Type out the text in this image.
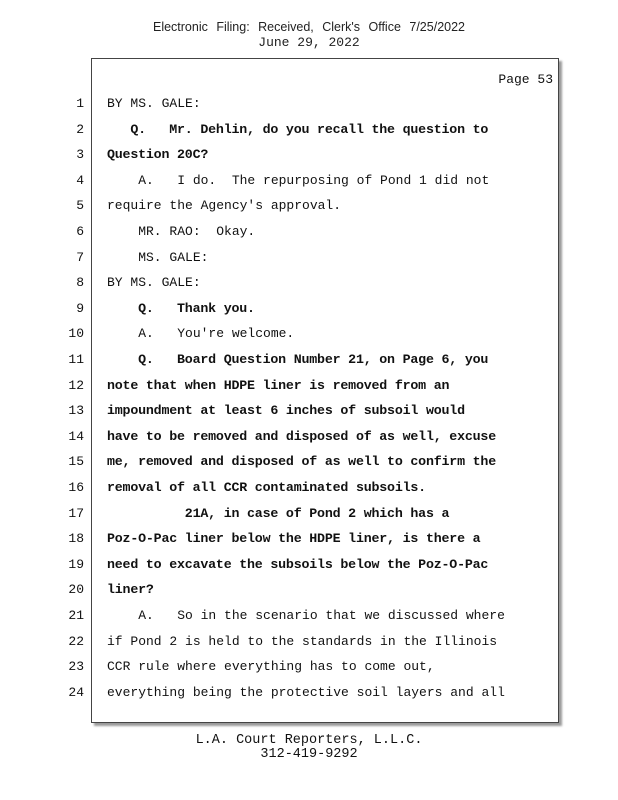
Electronic Filing: Received, Clerk's Office 7/25/2022
June 29, 2022
Page 53
1 BY MS. GALE:
2 Q.   Mr. Dehlin, do you recall the question to
3 Question 20C?
4 A.   I do.  The repurposing of Pond 1 did not
5 require the Agency's approval.
6 MR. RAO:  Okay.
7 MS. GALE:
8 BY MS. GALE:
9 Q.   Thank you.
10 A.   You're welcome.
11 Q.   Board Question Number 21, on Page 6, you
12 note that when HDPE liner is removed from an
13 impoundment at least 6 inches of subsoil would
14 have to be removed and disposed of as well, excuse
15 me, removed and disposed of as well to confirm the
16 removal of all CCR contaminated subsoils.
17 21A, in case of Pond 2 which has a
18 Poz-O-Pac liner below the HDPE liner, is there a
19 need to excavate the subsoils below the Poz-O-Pac
20 liner?
21 A.   So in the scenario that we discussed where
22 if Pond 2 is held to the standards in the Illinois
23 CCR rule where everything has to come out,
24 everything being the protective soil layers and all
L.A. Court Reporters, L.L.C.
312-419-9292
